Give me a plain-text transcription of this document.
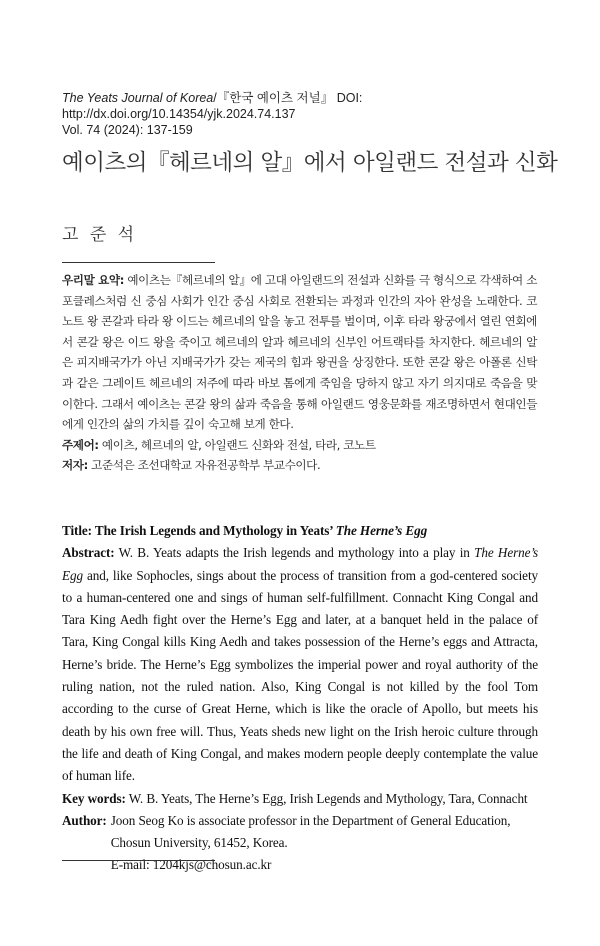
The Yeats Journal of Korea/『한국 예이츠 저널』 DOI: http://dx.doi.org/10.14354/yjk.2024.74.137
Vol. 74 (2024): 137-159
예이츠의『헤르네의 알』에서 아일랜드 전설과 신화
고 준 석

우리말 요약: 예이츠는『헤르네의 알』에 고대 아일랜드의 전설과 신화를 극 형식으로 각색하여 소포클레스처럼 신 중심 사회가 인간 중심 사회로 전환되는 과정과 인간의 자아 완성을 노래한다. 코노트 왕 콘갈과 타라 왕 이드는 헤르네의 알을 놓고 전투를 벌이며, 이후 타라 왕궁에서 열린 연회에서 콘갈 왕은 이드 왕을 죽이고 헤르네의 알과 헤르네의 신부인 어트랙타를 차지한다. 헤르네의 알은 피지배국가가 아닌 지배국가가 갖는 제국의 힘과 왕권을 상징한다. 또한 콘갈 왕은 아폴론 신탁과 같은 그레이트 헤르네의 저주에 따라 바보 톰에게 죽임을 당하지 않고 자기 의지대로 죽음을 맞이한다. 그래서 예이츠는 콘갈 왕의 삶과 죽음을 통해 아일랜드 영웅문화를 재조명하면서 현대인들에게 인간의 삶의 가치를 깊이 숙고해 보게 한다.

주제어: 예이츠, 헤르네의 알, 아일랜드 신화와 전설, 타라, 코노트

저자: 고준석은 조선대학교 자유전공학부 부교수이다.

Title: The Irish Legends and Mythology in Yeats’ The Herne’s Egg

Abstract: W. B. Yeats adapts the Irish legends and mythology into a play in The Herne’s Egg and, like Sophocles, sings about the process of transition from a god-centered society to a human-centered one and sings of human self-fulfillment. Connacht King Congal and Tara King Aedh fight over the Herne’s Egg and later, at a banquet held in the palace of Tara, King Congal kills King Aedh and takes possession of the Herne’s eggs and Attracta, Herne’s bride. The Herne’s Egg symbolizes the imperial power and royal authority of the ruling nation, not the ruled nation. Also, King Congal is not killed by the fool Tom according to the curse of Great Herne, which is like the oracle of Apollo, but meets his death by his own free will. Thus, Yeats sheds new light on the Irish heroic culture through the life and death of King Congal, and makes modern people deeply contemplate the value of human life.

Key words: W. B. Yeats, The Herne’s Egg, Irish Legends and Mythology, Tara, Connacht

Author: Joon Seog Ko is associate professor in the Department of General Education,
Chosun University, 61452, Korea.
E-mail: 1204kjs@chosun.ac.kr
